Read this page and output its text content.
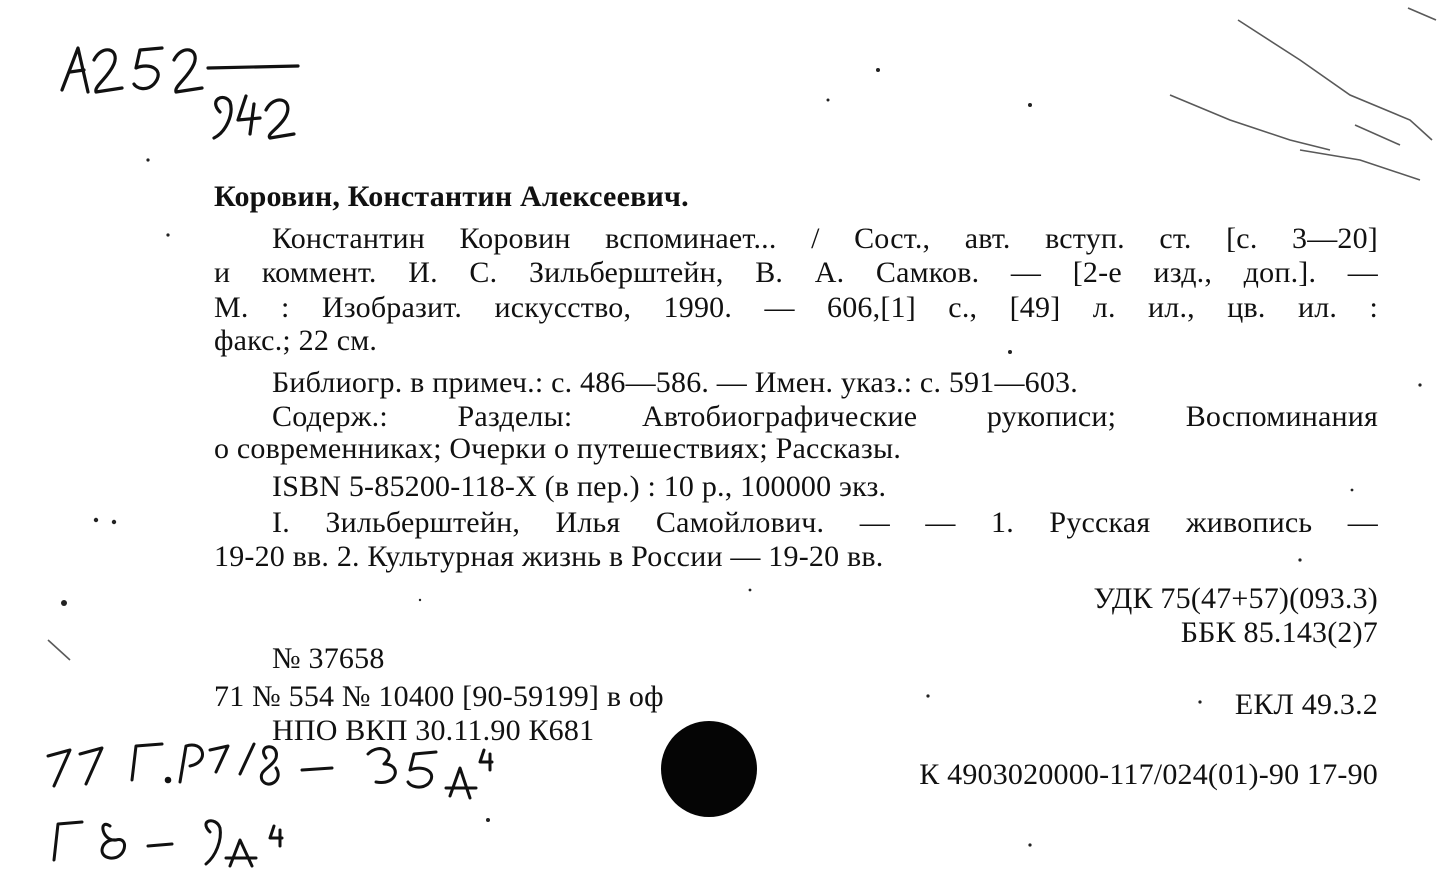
Коровин, Константин Алексеевич.
Константин Коровин вспоминает... / Сост., авт. вступ. ст. [с. 3—20]
и коммент. И. С. Зильберштейн, В. А. Самков. — [2-е изд., доп.]. —
М. : Изобразит. искусство, 1990. — 606,[1] с., [49] л. ил., цв. ил. :
факс.; 22 см.
Библиогр. в примеч.: с. 486—586. — Имен. указ.: с. 591—603.
Содерж.: Разделы: Автобиографические рукописи; Воспоминания
о современниках; Очерки о путешествиях; Рассказы.
ISBN 5-85200-118-X (в пер.) : 10 р., 100000 экз.
I. Зильберштейн, Илья Самойлович. — — 1. Русская живопись —
19-20 вв. 2. Культурная жизнь в России — 19-20 вв.
УДК 75(47+57)(093.3)
ББК 85.143(2)7
№ 37658
71 № 554 № 10400 [90-59199] в оф	ЕКЛ 49.3.2
НПО ВКП 30.11.90 К681
К 4903020000-117/024(01)-90 17-90
